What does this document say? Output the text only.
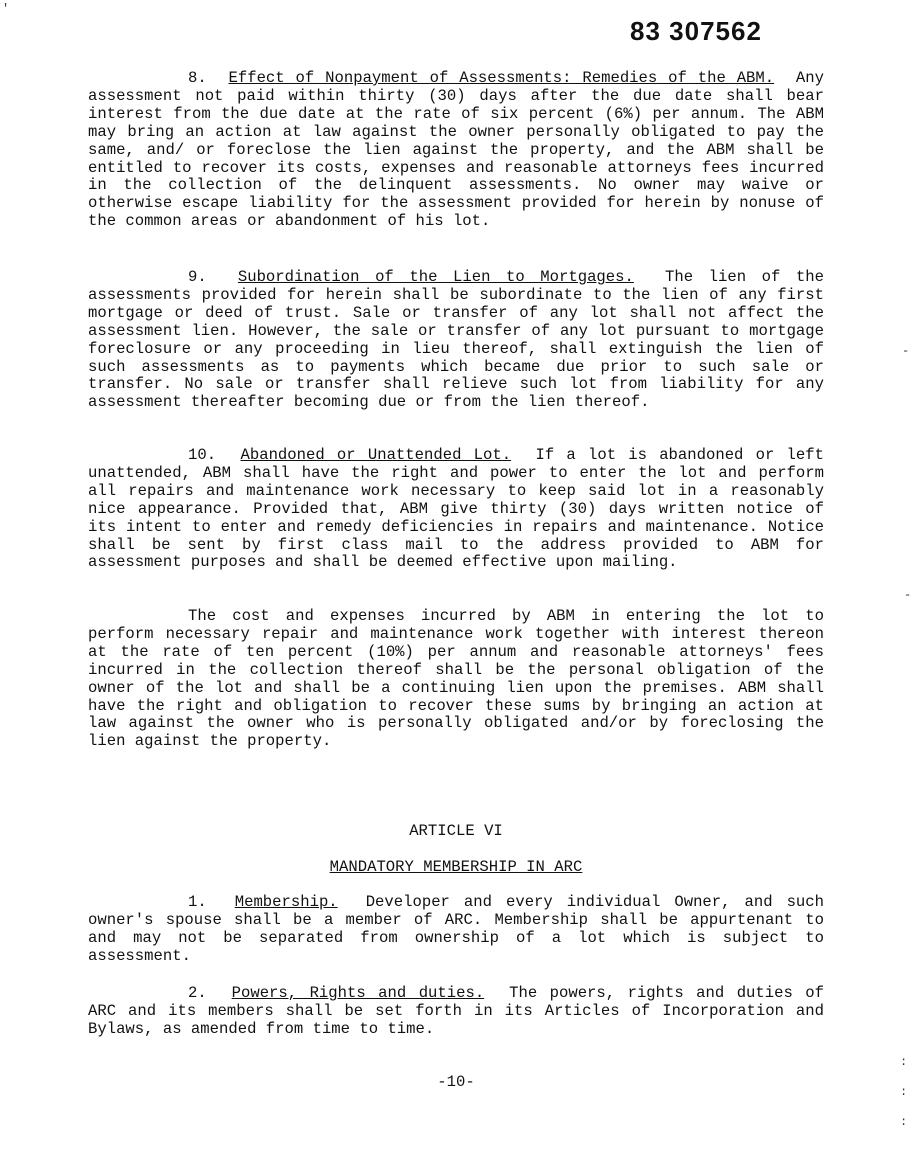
'
83 307562
8. Effect of Nonpayment of Assessments: Remedies of the ABM. Any assessment not paid within thirty (30) days after the due date shall bear interest from the due date at the rate of six percent (6%) per annum. The ABM may bring an action at law against the owner personally obligated to pay the same, and/ or foreclose the lien against the property, and the ABM shall be entitled to recover its costs, expenses and reasonable attorneys fees incurred in the collection of the delinquent assessments. No owner may waive or otherwise escape liability for the assessment provided for herein by nonuse of the common areas or abandonment of his lot.
9. Subordination of the Lien to Mortgages. The lien of the assessments provided for herein shall be subordinate to the lien of any first mortgage or deed of trust. Sale or transfer of any lot shall not affect the assessment lien. However, the sale or transfer of any lot pursuant to mortgage foreclosure or any proceeding in lieu thereof, shall extinguish the lien of such assessments as to payments which became due prior to such sale or transfer. No sale or transfer shall relieve such lot from liability for any assessment thereafter becoming due or from the lien thereof.
-
10. Abandoned or Unattended Lot. If a lot is abandoned or left unattended, ABM shall have the right and power to enter the lot and perform all repairs and maintenance work necessary to keep said lot in a reasonably nice appearance. Provided that, ABM give thirty (30) days written notice of its intent to enter and remedy deficiencies in repairs and maintenance. Notice shall be sent by first class mail to the address provided to ABM for assessment purposes and shall be deemed effective upon mailing.
-
The cost and expenses incurred by ABM in entering the lot to perform necessary repair and maintenance work together with interest thereon at the rate of ten percent (10%) per annum and reasonable attorneys' fees incurred in the collection thereof shall be the personal obligation of the owner of the lot and shall be a continuing lien upon the premises. ABM shall have the right and obligation to recover these sums by bringing an action at law against the owner who is personally obligated and/or by foreclosing the lien against the property.
ARTICLE VI
MANDATORY MEMBERSHIP IN ARC
1. Membership. Developer and every individual Owner, and such owner's spouse shall be a member of ARC. Membership shall be appurtenant to and may not be separated from ownership of a lot which is subject to assessment.
2. Powers, Rights and duties. The powers, rights and duties of ARC and its members shall be set forth in its Articles of Incorporation and Bylaws, as amended from time to time.
-10-
:
:
:
